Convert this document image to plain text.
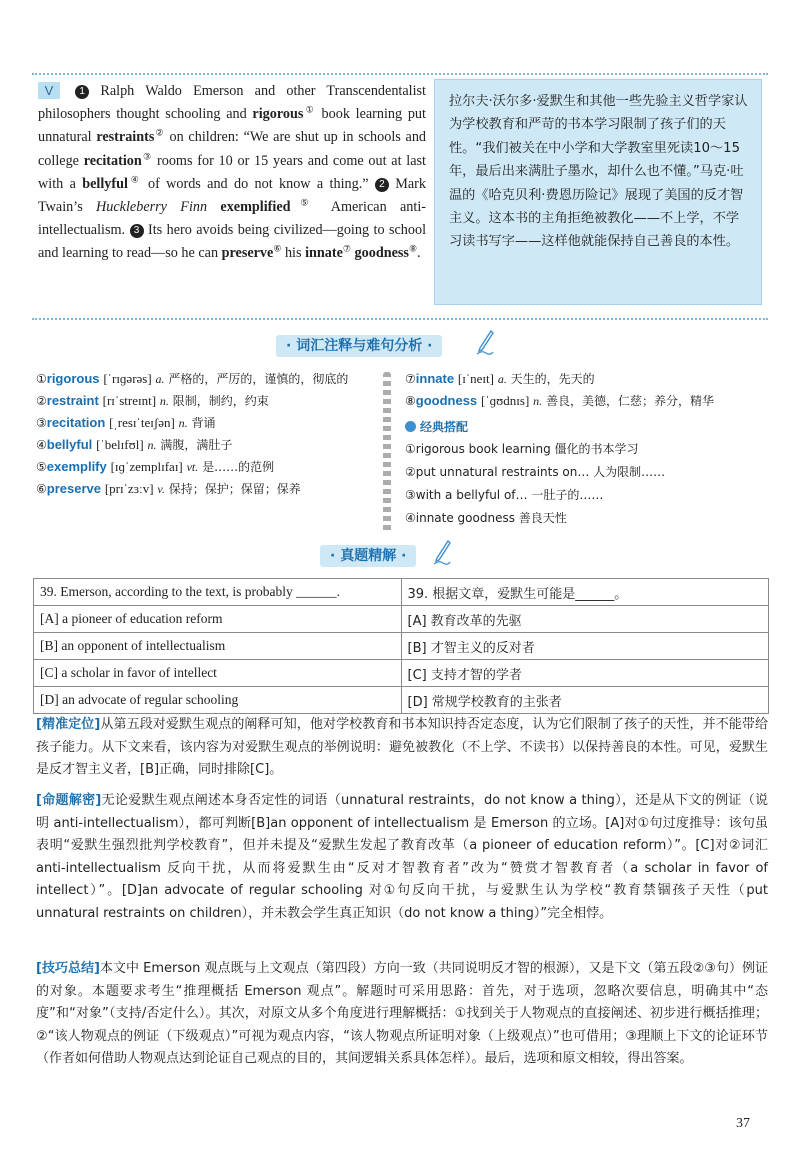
V	1 Ralph Waldo Emerson and other Transcendentalist philosophers thought schooling and rigorous① book learning put unnatural restraints② on children: “We are shut up in schools and college recitation③ rooms for 10 or 15 years and come out at last with a bellyful④ of words and do not know a thing.” 2 Mark Twain’s Huckleberry Finn exemplified⑤ American anti-intellectualism. 3 Its hero avoids being civilized—going to school and learning to read—so he can preserve⑥ his innate⑦ goodness⑧.
拉尔夫·沃尔多·爱默生和其他一些先验主义哲学家认为学校教育和严苛的书本学习限制了孩子们的天性。“我们被关在中小学和大学教室里死读10～15年，最后出来满肚子墨水，却什么也不懂。”马克·吐温的《哈克贝利·费恩历险记》展现了美国的反才智主义。这本书的主角拒绝被教化——不上学，不学习读书写字——这样他就能保持自己善良的本性。
· 词汇注释与难句分析 ·
①rigorous [ˈrɪɡərəs] a. 严格的，严厉的，谨慎的，彻底的
②restraint [rɪˈstreɪnt] n. 限制，制约，约束
③recitation [ˌresɪˈteɪʃən] n. 背诵
④bellyful [ˈbelɪfʊl] n. 满腹，满肚子
⑤exemplify [ɪɡˈzemplɪfaɪ] vt. 是……的范例
⑥preserve [prɪˈzɜːv] v. 保持；保护；保留；保养
⑦innate [ɪˈneɪt] a. 天生的，先天的
⑧goodness [ˈɡʊdnɪs] n. 善良，美德，仁慈；养分，精华
经典搭配
①rigorous book learning 僵化的书本学习
②put unnatural restraints on… 人为限制……
③with a bellyful of… 一肚子的……
④innate goodness 善良天性
· 真题精解 ·
39. Emerson, according to the text, is probably ______.	39. 根据文章，爱默生可能是______。
[A] a pioneer of education reform	[A] 教育改革的先驱
[B] an opponent of intellectualism	[B] 才智主义的反对者
[C] a scholar in favor of intellect	[C] 支持才智的学者
[D] an advocate of regular schooling	[D] 常规学校教育的主张者
[精准定位]从第五段对爱默生观点的阐释可知，他对学校教育和书本知识持否定态度，认为它们限制了孩子的天性，并不能带给孩子能力。从下文来看，该内容为对爱默生观点的举例说明：避免被教化（不上学、不读书）以保持善良的本性。可见，爱默生是反才智主义者，[B]正确，同时排除[C]。
[命题解密]无论爱默生观点阐述本身否定性的词语（unnatural restraints，do not know a thing），还是从下文的例证（说明 anti-intellectualism），都可判断[B]an opponent of intellectualism 是 Emerson 的立场。[A]对①句过度推导：该句虽表明“爱默生强烈批判学校教育”，但并未提及“爱默生发起了教育改革（a pioneer of education reform）”。[C]对②词汇 anti-intellectualism 反向干扰，从而将爱默生由“反对才智教育者”改为“赞赏才智教育者（a scholar in favor of intellect）”。[D]an advocate of regular schooling 对①句反向干扰，与爱默生认为学校“教育禁锢孩子天性（put unnatural restraints on children），并未教会学生真正知识（do not know a thing）”完全相悖。
[技巧总结]本文中 Emerson 观点既与上文观点（第四段）方向一致（共同说明反才智的根源），又是下文（第五段②③句）例证的对象。本题要求考生“推理概括 Emerson 观点”。解题时可采用思路：首先，对于选项，忽略次要信息，明确其中“态度”和“对象”（支持/否定什么）。其次，对原文从多个角度进行理解概括：①找到关于人物观点的直接阐述、初步进行概括推理；②“该人物观点的例证（下级观点）”可视为观点内容，“该人物观点所证明对象（上级观点）”也可借用；③理顺上下文的论证环节（作者如何借助人物观点达到论证自己观点的目的，其间逻辑关系具体怎样）。最后，选项和原文相较，得出答案。
37
